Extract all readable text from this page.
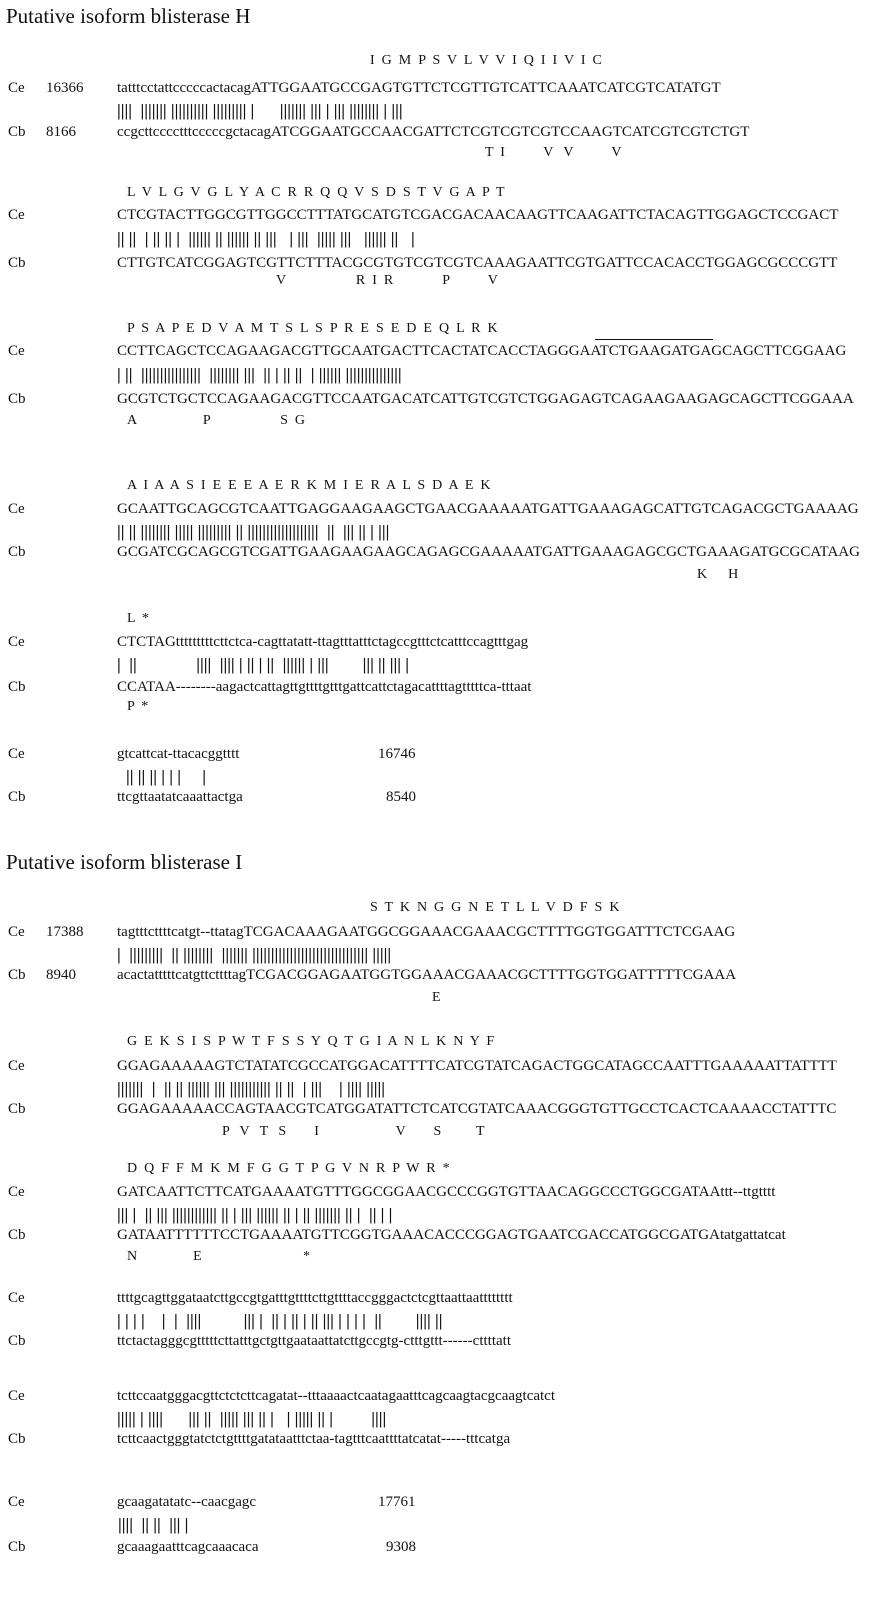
Putative isoform blisterase H
I  G  M  P  S  V  L  V  V  I  Q  I  I  V  I  C
Ce 16366 tatttcctattcccccactacagATTGGAATGCCGAGTGTTCTCGTTGTCATTCAAATCATCGTCATATGT
||||  ||||||| |||||||||| ||||||||| |      ||||||| ||| | ||| |||||||| | |||
Cb 8166	ccgcttcccctttcccccgctacagATCGGAATGCCAACGATTCTCGTCGTCGTCCAAGTCATCGTCGTCTGT
T  I           V   V           V
L  V  L  G  V  G  L  Y  A  C  R  R  Q  Q  V  S  D  S  T  V  G  A  P  T
Ce	CTCGTACTTGGCGTTGGCCTTTATGCATGTCGACGACAACAAGTTCAAGATTCTACAGTTGGAGCTCCGACT
|| ||  | || || |  |||||| || |||||| || |||   | |||  ||||| |||   |||||| ||   |
Cb	CTTGTCATCGGAGTCGTTCTTTACGCGTGTCGTCGTCAAAGAATTCGTGATTCCACACCTGGAGCGCCCGTT
V                    R  I  R              P           V
P  S  A  P  E  D  V  A  M  T  S  L  S  P  R  E  S  E  D  E  Q  L  R  K
Ce	CCTTCAGCTCCAGAAGACGTTGCAATGACTTCACTATCACCTAGGGAATCTGAAGATGAGCAGCTTCGGAAG
| ||  ||||||||||||||||  |||||||| |||  || | || ||  | |||||| |||||||||||||||
Cb	GCGTCTGCTCCAGAAGACGTTCCAATGACATCATTGTCGTCTGGAGAGTCAGAAGAAGAGCAGCTTCGGAAA
A                   P                    S  G
A  I  A  A  S  I  E  E  E  A  E  R  K  M  I  E  R  A  L  S  D  A  E  K
Ce	GCAATTGCAGCGTCAATTGAGGAAGAAGCTGAACGAAAAATGATTGAAAGAGCATTGTCAGACGCTGAAAAG
|| || |||||||| ||||| ||||||||| || |||||||||||||||||||  ||  ||| || | |||
Cb	GCGATCGCAGCGTCGATTGAAGAAGAAGCAGAGCGAAAAATGATTGAAAGAGCGCTGAAAGATGCGCATAAG
K      H
L  *
Ce	CTCTAGtttttttttcttctca-cagttatatt-ttagtttatttctagccgtttctcatttccagtttgag
|  ||              ||||  |||| | || | ||  |||||| | |||        ||| || ||| |
Cb	CCATAA--------aagactcattagttgttttgtttgattcattctagacattttagtttttca-tttaat
P  *
Ce	gtcattcat-ttacacggtttt	16746
|| || || | | |     |
Cb	ttcgttaatatcaaattactga	8540
Putative isoform blisterase I
S  T  K  N  G  G  N  E  T  L  L  V  D  F  S  K
Ce 17388 tagtttcttttcatgt--ttatagTCGACAAAGAATGGCGGAAACGAAACGCTTTTGGTGGATTTCTCGAAG
|  |||||||||  || ||||||||  ||||||| ||||||||||||||||||||||||||||||| |||||
Cb 8940	acactatttttcatgttcttttagTCGACGGAGAATGGTGGAAACGAAACGCTTTTGGTGGATTTTTCGAAA
E
G  E  K  S  I  S  P  W  T  F  S  S  Y  Q  T  G  I  A  N  L  K  N  Y  F
Ce	GGAGAAAAAGTCTATATCGCCATGGACATTTTCATCGTATCAGACTGGCATAGCCAATTTGAAAAATTATTTT
|||||||  |  || || |||||| ||| ||||||||||| || ||  | |||    | |||| |||||
Cb	GGAGAAAAACCAGTAACGTCATGGATATTCTCATCGTATCAAACGGGTGTTGCCTCACTCAAAACCTATTTC
P   V   T   S        I                      V        S          T
D  Q  F  F  M  K  M  F  G  G  T  P  G  V  N  R  P  W  R  *
Ce	GATCAATTCTTCATGAAAATGTTTGGCGGAACGCCCGGTGTTAACAGGCCCTGGCGATAAttt--ttgtttt
||| |  || ||| |||||||||||| || | ||| |||||| || | || ||||||| || |  || | |
Cb	GATAATTTTTTCCTGAAAATGTTCGGTGAAACACCCGGAGTGAATCGACCATGGCGATGAtatgattatcat
N                E                             *
Ce	ttttgcagttggataatcttgccgtgatttgttttcttgttttaccgggactctcgttaattaatttttttt
| | | |    |  |  ||||          ||| |  || | || | || ||| | | | |  ||        |||| ||
Cb	ttctactagggcgtttttcttatttgctgttgaataattatcttgccgtg-ctttgttt------cttttatt
Ce	tcttccaatgggacgttctctcttcagatat--tttaaaactcaatagaatttcagcaagtacgcaagtcatct
||||| | ||||      ||| ||  ||||| ||| || |   | ||||| || |         ||||
Cb	tcttcaactgggtatctctgttttgatataatttctaa-tagtttcaattttatcatat-----tttcatga
Ce	gcaagatatatc--caacgagc	17761
||||  || ||  ||| |
Cb	gcaaagaatttcagcaaacaca	9308
